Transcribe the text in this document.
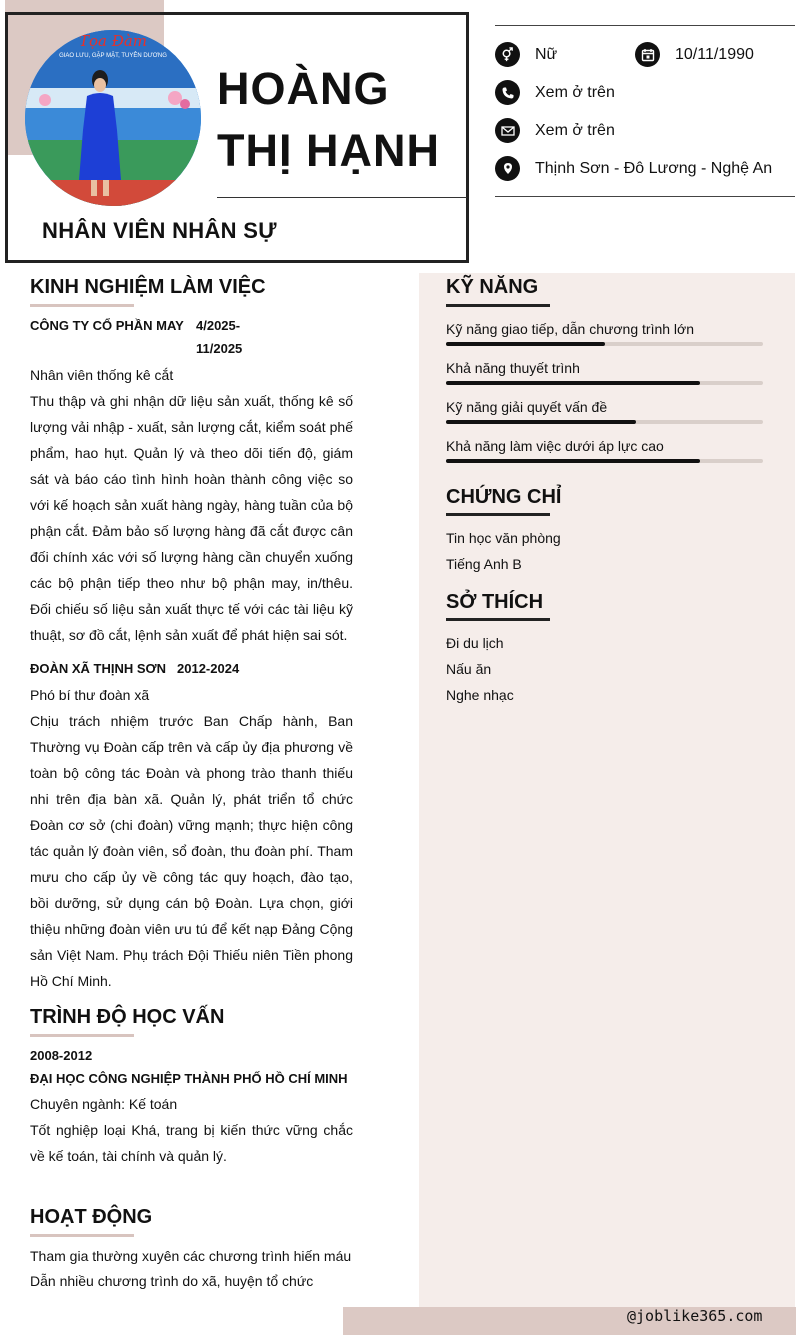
Tọa Đàm
GIAO LƯU, GẶP MẶT, TUYÊN DƯƠNG
HOÀNG
THỊ HẠNH
NHÂN VIÊN NHÂN SỰ
Nữ	10/11/1990
Xem ở trên
Xem ở trên
Thịnh Sơn - Đô Lương - Nghệ An
KINH NGHIỆM LÀM VIỆC
CÔNG TY CỔ PHẦN MAY 4/2025-
11/2025
Nhân viên thống kê cắt
Thu thập và ghi nhận dữ liệu sản xuất, thống kê số lượng vải nhập - xuất, sản lượng cắt, kiểm soát phế phẩm, hao hụt. Quản lý và theo dõi tiến độ, giám sát và báo cáo tình hình hoàn thành công việc so với kế hoạch sản xuất hàng ngày, hàng tuần của bộ phận cắt. Đảm bảo số lượng hàng đã cắt được cân đối chính xác với số lượng hàng cần chuyển xuống các bộ phận tiếp theo như bộ phận may, in/thêu. Đối chiếu số liệu sản xuất thực tế với các tài liệu kỹ thuật, sơ đồ cắt, lệnh sản xuất để phát hiện sai sót.
ĐOÀN XÃ THỊNH SƠN 2012-2024
Phó bí thư đoàn xã
Chịu trách nhiệm trước Ban Chấp hành, Ban Thường vụ Đoàn cấp trên và cấp ủy địa phương về toàn bộ công tác Đoàn và phong trào thanh thiếu nhi trên địa bàn xã. Quản lý, phát triển tổ chức Đoàn cơ sở (chi đoàn) vững mạnh; thực hiện công tác quản lý đoàn viên, sổ đoàn, thu đoàn phí. Tham mưu cho cấp ủy về công tác quy hoạch, đào tạo, bồi dưỡng, sử dụng cán bộ Đoàn. Lựa chọn, giới thiệu những đoàn viên ưu tú để kết nạp Đảng Cộng sản Việt Nam. Phụ trách Đội Thiếu niên Tiền phong Hồ Chí Minh.
TRÌNH ĐỘ HỌC VẤN
2008-2012
ĐẠI HỌC CÔNG NGHIỆP THÀNH PHỐ HỒ CHÍ MINH
Chuyên ngành: Kế toán
Tốt nghiệp loại Khá, trang bị kiến thức vững chắc về kế toán, tài chính và quản lý.
HOẠT ĐỘNG
Tham gia thường xuyên các chương trình hiến máu
Dẫn nhiều chương trình do xã, huyện tổ chức
KỸ NĂNG
Kỹ năng giao tiếp, dẫn chương trình lớn
Khả năng thuyết trình
Kỹ năng giải quyết vấn đề
Khả năng làm việc dưới áp lực cao
CHỨNG CHỈ
Tin học văn phòng
Tiếng Anh B
SỞ THÍCH
Đi du lịch
Nấu ăn
Nghe nhạc
@joblike365.com
